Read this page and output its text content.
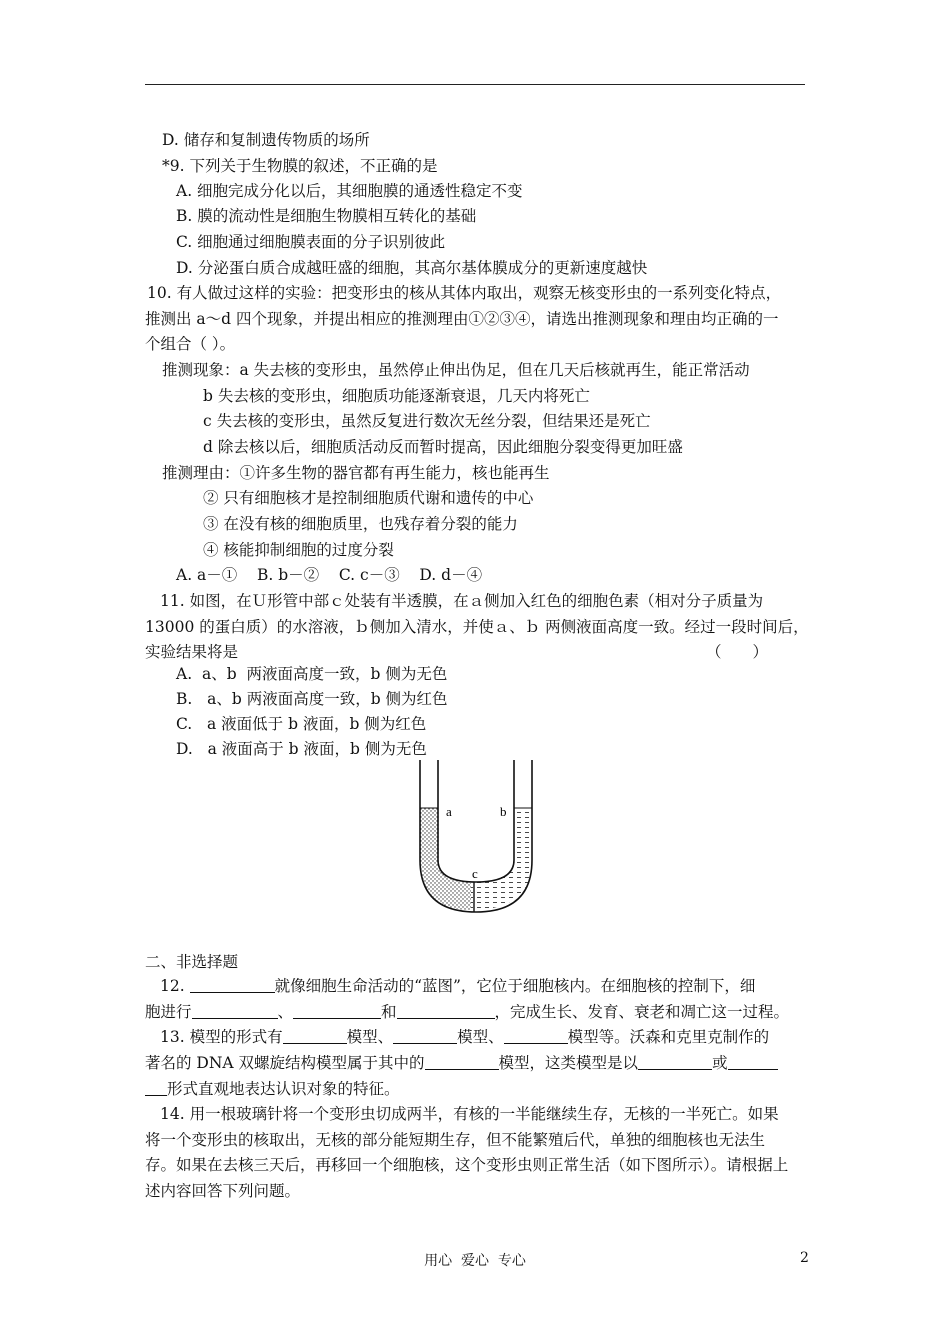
D. 储存和复制遗传物质的场所
*9. 下列关于生物膜的叙述，不正确的是
A. 细胞完成分化以后，其细胞膜的通透性稳定不变
B. 膜的流动性是细胞生物膜相互转化的基础
C. 细胞通过细胞膜表面的分子识别彼此
D. 分泌蛋白质合成越旺盛的细胞，其高尔基体膜成分的更新速度越快
10. 有人做过这样的实验：把变形虫的核从其体内取出，观察无核变形虫的一系列变化特点，
推测出 a～d 四个现象，并提出相应的推测理由①②③④，请选出推测现象和理由均正确的一
个组合（ ）。
推测现象：a 失去核的变形虫，虽然停止伸出伪足，但在几天后核就再生，能正常活动
b 失去核的变形虫，细胞质功能逐渐衰退，几天内将死亡
c 失去核的变形虫，虽然反复进行数次无丝分裂，但结果还是死亡
d 除去核以后，细胞质活动反而暂时提高，因此细胞分裂变得更加旺盛
推测理由：①许多生物的器官都有再生能力，核也能再生
② 只有细胞核才是控制细胞质代谢和遗传的中心
③ 在没有核的细胞质里，也残存着分裂的能力
④ 核能抑制细胞的过度分裂
A. a－①    B. b－②    C. c－③    D. d－④
11. 如图，在Ｕ形管中部ｃ处装有半透膜，在ａ侧加入红色的细胞色素（相对分子质量为
13000 的蛋白质）的水溶液，ｂ侧加入清水，并使ａ、ｂ 两侧液面高度一致。经过一段时间后，
实验结果将是	（　　）
A.  a、b  两液面高度一致，b 侧为无色
B.   a、b 两液面高度一致，b 侧为红色
C.   a 液面低于 b 液面，b 侧为红色
D.   a 液面高于 b 液面，b 侧为无色
a	b
c
二、非选择题
12.	就像细胞生命活动的“蓝图”，它位于细胞核内。在细胞核的控制下，细
胞进行	、	和	，完成生长、发育、衰老和凋亡这一过程。
13. 模型的形式有	模型、	模型、	模型等。沃森和克里克制作的
著名的 DNA 双螺旋结构模型属于其中的	模型，这类模型是以	或
形式直观地表达认识对象的特征。
14. 用一根玻璃针将一个变形虫切成两半，有核的一半能继续生存，无核的一半死亡。如果
将一个变形虫的核取出，无核的部分能短期生存，但不能繁殖后代，单独的细胞核也无法生
存。如果在去核三天后，再移回一个细胞核，这个变形虫则正常生活（如下图所示）。请根据上
述内容回答下列问题。
用心  爱心  专心	2
